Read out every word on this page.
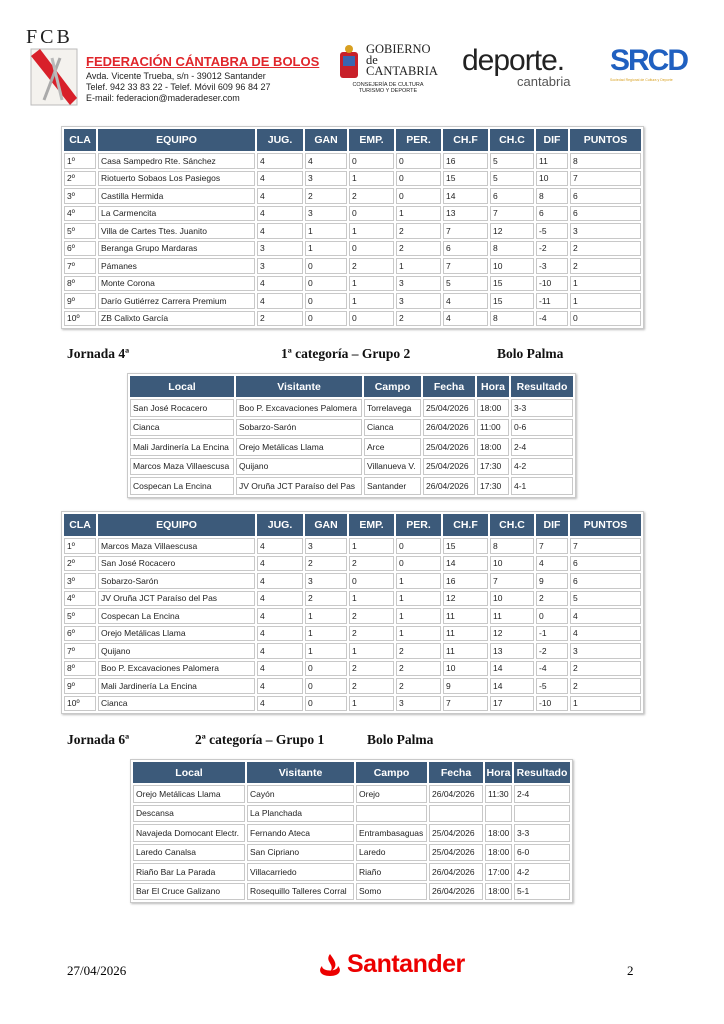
FCB
FEDERACIÓN CÁNTABRA DE BOLOS
Avda. Vicente Trueba, s/n - 39012 Santander
Telef. 942 33 83 22 - Telef. Móvil 609 96 84 27
E-mail: federacion@maderadeser.com
GOBIERNO
de
CANTABRIA
CONSEJERÍA DE CULTURA
TURISMO Y DEPORTE
deporte.
cantabria
SRCD
Sociedad Regional de Cultura y Deporte
CLA	EQUIPO	JUG.	GAN	EMP.	PER.	CH.F	CH.C	DIF	PUNTOS
1º	Casa Sampedro Rte. Sánchez	4	4	0	0	16	5	11	8
2º	Riotuerto Sobaos Los Pasiegos	4	3	1	0	15	5	10	7
3º	Castilla Hermida	4	2	2	0	14	6	8	6
4º	La Carmencita	4	3	0	1	13	7	6	6
5º	Villa de Cartes Ttes. Juanito	4	1	1	2	7	12	-5	3
6º	Beranga Grupo Mardaras	3	1	0	2	6	8	-2	2
7º	Pámanes	3	0	2	1	7	10	-3	2
8º	Monte Corona	4	0	1	3	5	15	-10	1
9º	Darío Gutiérrez Carrera Premium	4	0	1	3	4	15	-11	1
10º	ZB Calixto García	2	0	0	2	4	8	-4	0
Jornada 4ª	1ª categoría – Grupo 2	Bolo Palma
Local	Visitante	Campo	Fecha	Hora	Resultado
San José Rocacero	Boo P. Excavaciones Palomera	Torrelavega	25/04/2026	18:00	3-3
Cianca	Sobarzo-Sarón	Cianca	26/04/2026	11:00	0-6
Mali Jardinería La Encina	Orejo Metálicas Llama	Arce	25/04/2026	18:00	2-4
Marcos Maza Villaescusa	Quijano	Villanueva V.	25/04/2026	17:30	4-2
Cospecan La Encina	JV Oruña JCT Paraíso del Pas	Santander	26/04/2026	17:30	4-1
CLA	EQUIPO	JUG.	GAN	EMP.	PER.	CH.F	CH.C	DIF	PUNTOS
1º	Marcos Maza Villaescusa	4	3	1	0	15	8	7	7
2º	San José Rocacero	4	2	2	0	14	10	4	6
3º	Sobarzo-Sarón	4	3	0	1	16	7	9	6
4º	JV Oruña JCT Paraíso del Pas	4	2	1	1	12	10	2	5
5º	Cospecan La Encina	4	1	2	1	11	11	0	4
6º	Orejo Metálicas Llama	4	1	2	1	11	12	-1	4
7º	Quijano	4	1	1	2	11	13	-2	3
8º	Boo P. Excavaciones Palomera	4	0	2	2	10	14	-4	2
9º	Mali Jardinería La Encina	4	0	2	2	9	14	-5	2
10º	Cianca	4	0	1	3	7	17	-10	1
Jornada 6ª	2ª categoría – Grupo 1	Bolo Palma
Local	Visitante	Campo	Fecha	Hora	Resultado
Orejo Metálicas Llama	Cayón	Orejo	26/04/2026	11:30	2-4
Descansa	La Planchada				
Navajeda Domocant Electr.	Fernando Ateca	Entrambasaguas	25/04/2026	18:00	3-3
Laredo Canalsa	San Cipriano	Laredo	25/04/2026	18:00	6-0
Riaño Bar La Parada	Villacarriedo	Riaño	26/04/2026	17:00	4-2
Bar El Cruce Galizano	Rosequillo Talleres Corral	Somo	26/04/2026	18:00	5-1
27/04/2026	Santander	2
